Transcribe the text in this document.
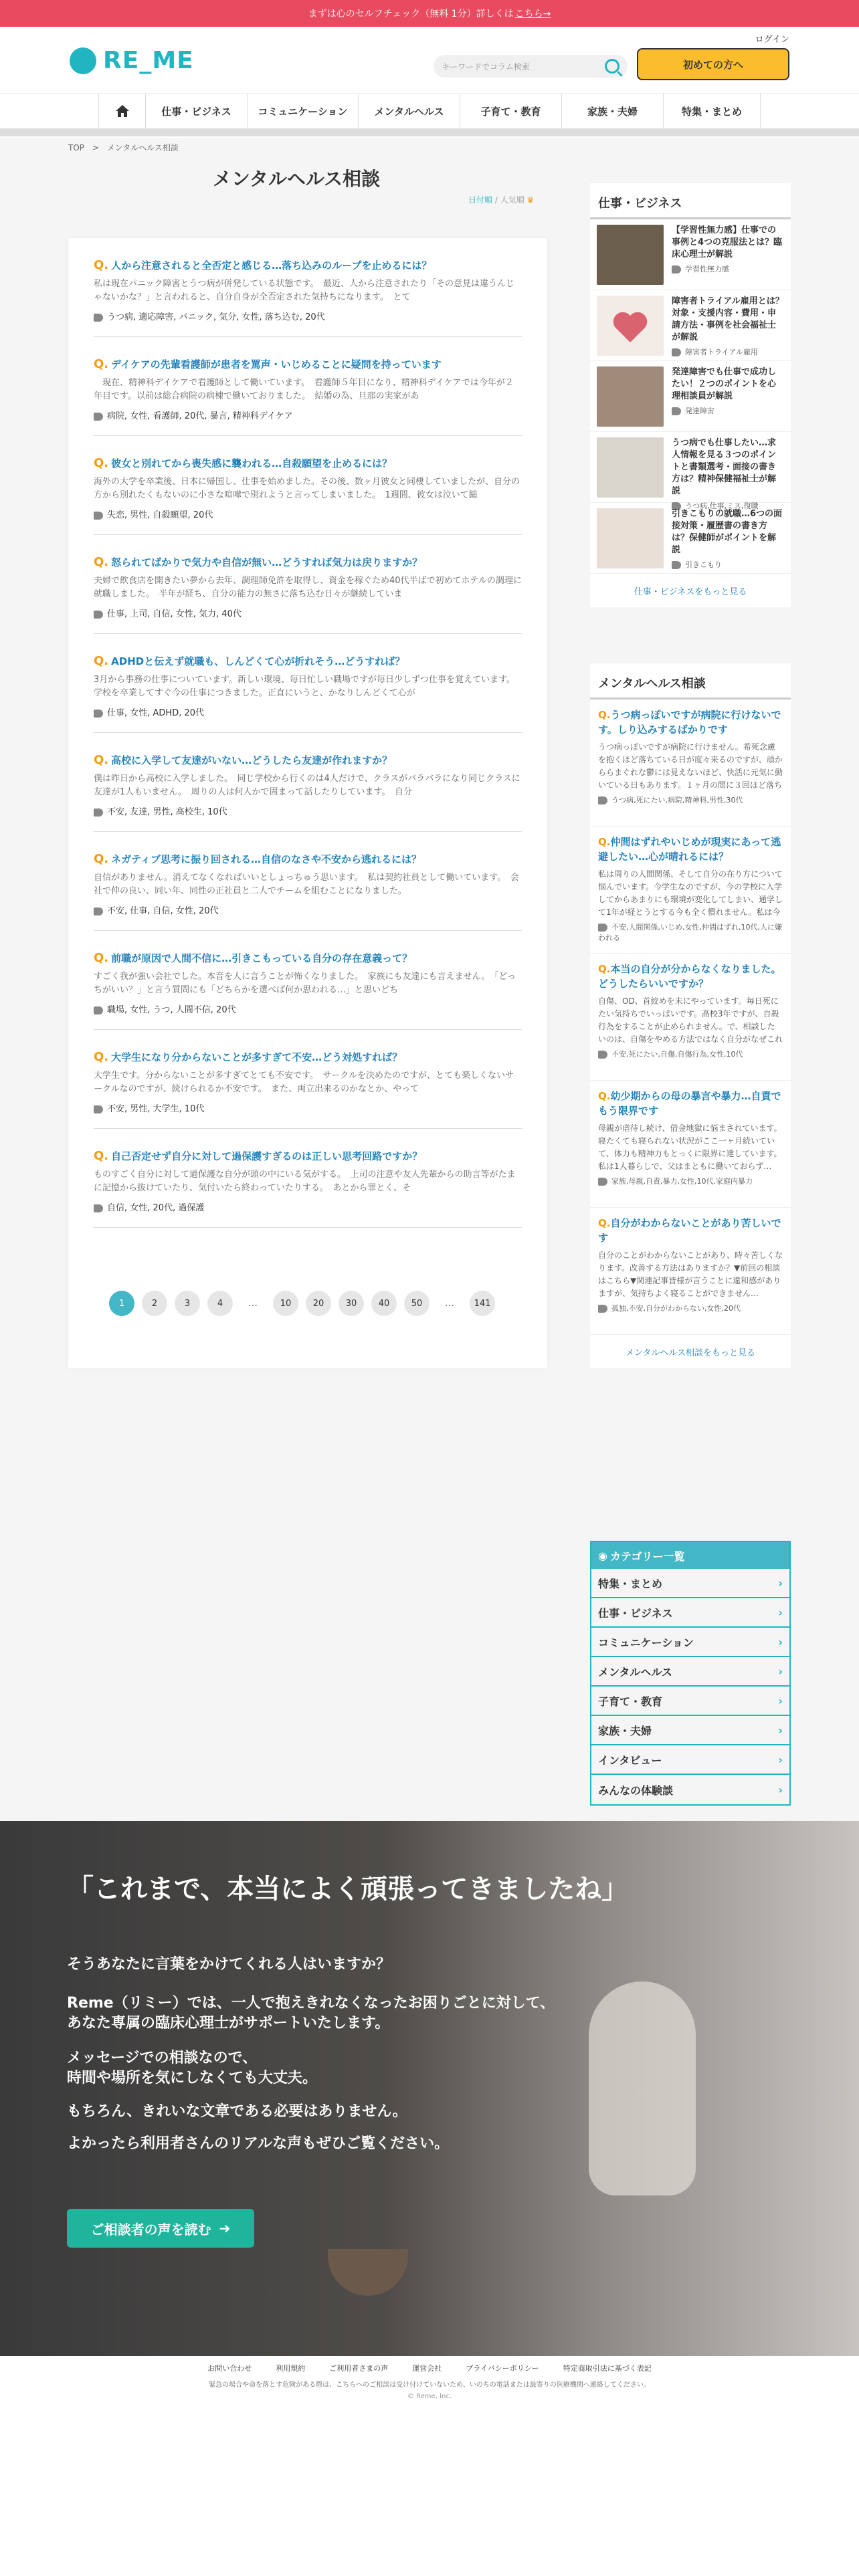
まずは心のセルフチェック（無料 1分）詳しくは こちら→
RE_ME
ログイン
キーワードでコラム検索	初めての方へ
仕事・ビジネス	コミュニケーション	メンタルヘルス	子育て・教育	家族・夫婦	特集・まとめ
TOP > メンタルヘルス相談
メンタルヘルス相談
日付順 / 人気順 ♛
Q. 人から注意されると全否定と感じる…落ち込みのループを止めるには？
私は現在パニック障害とうつ病が併発している状態です。　最近、人から注意されたり「その意見は違うんじゃないかな？」と言われると、自分自身が全否定された気持ちになります。　とて
うつ病, 適応障害, パニック, 気分, 女性, 落ち込む, 20代
Q. デイケアの先輩看護師が患者を罵声・いじめることに疑問を持っています
　現在、精神科デイケアで看護師として働いています。　看護師５年目になり、精神科デイケアでは今年が２年目です。以前は総合病院の病棟で働いておりました。　結婚の為、旦那の実家があ
病院, 女性, 看護師, 20代, 暴言, 精神科デイケア
Q. 彼女と別れてから喪失感に襲われる…自殺願望を止めるには？
海外の大学を卒業後、日本に帰国し、仕事を始めました。その後、数ヶ月彼女と同棲していましたが、自分の方から別れたくもないのに小さな喧嘩で別れようと言ってしまいました。　1週間、彼女は泣いて縋
失恋, 男性, 自殺願望, 20代
Q. 怒られてばかりで気力や自信が無い…どうすれば気力は戻りますか？
夫婦で飲食店を開きたい夢から去年、調理師免許を取得し、資金を稼ぐため40代半ばで初めてホテルの調理に就職しました。　半年が経ち、自分の能力の無さに落ち込む日々が継続していま
仕事, 上司, 自信, 女性, 気力, 40代
Q. ADHDと伝えず就職も、しんどくて心が折れそう…どうすれば？
3月から事務の仕事についています。新しい環境、毎日忙しい職場ですが毎日少しずつ仕事を覚えています。　学校を卒業してすぐ今の仕事につきました。正直にいうと、かなりしんどくて心が
仕事, 女性, ADHD, 20代
Q. 高校に入学して友達がいない…どうしたら友達が作れますか？
僕は昨日から高校に入学しました。　同じ学校から行くのは4人だけで、クラスがバラバラになり同じクラスに友達が1人もいません。　周りの人は何人かで固まって話したりしています。　自分
不安, 友達, 男性, 高校生, 10代
Q. ネガティブ思考に振り回される…自信のなさや不安から逃れるには？
自信がありません。消えてなくなればいいとしょっちゅう思います。　私は契約社員として働いています。　会社で仲の良い、同い年、同性の正社員と二人でチームを組むことになりました。
不安, 仕事, 自信, 女性, 20代
Q. 前職が原因で人間不信に…引きこもっている自分の存在意義って？
すごく我が強い会社でした。本音を人に言うことが怖くなりました。　家族にも友達にも言えません。　「どっちがいい？」と言う質問にも「どちらかを選べば何か思われる…」と思いどち
職場, 女性, うつ, 人間不信, 20代
Q. 大学生になり分からないことが多すぎて不安…どう対処すれば？
大学生です。分からないことが多すぎてとても不安です。　サークルを決めたのですが、とても楽しくないサークルなのですが、続けられるか不安です。　また、両立出来るのかなとか、やって
不安, 男性, 大学生, 10代
Q. 自己否定せず自分に対して過保護すぎるのは正しい思考回路ですか？
ものすごく自分に対して過保護な自分が頭の中にいる気がする。　上司の注意や友人先輩からの助言等がたまに記憶から抜けていたり、気付いたら終わっていたりする。　あとから罪とく、そ
自信, 女性, 20代, 過保護
1	2	3	4	…	10	20	30	40	50	…	141
仕事・ビジネス
【学習性無力感】仕事での事例と4つの克服法とは？臨床心理士が解説
学習性無力感
障害者トライアル雇用とは？対象・支援内容・費用・申請方法・事例を社会福祉士が解説
障害者トライアル雇用
発達障害でも仕事で成功したい！２つのポイントを心理相談員が解説
発達障害
うつ病でも仕事したい…求人情報を見る３つのポイントと書類選考・面接の書き方は？精神保健福祉士が解説
うつ病,仕事,ミス,復職
引きこもりの就職…6つの面接対策・履歴書の書き方は？保健師がポイントを解説
引きこもり
仕事・ビジネスをもっと見る
メンタルヘルス相談
Q.うつ病っぽいですが病院に行けないです。しり込みするばかりです
うつ病っぽいですが病院に行けません。希死念慮を抱くほど落ちている日が度々来るのですが、頑かららまぐれな鬱には見えないほど、快活に元気に動いている日もあります。１ヶ月の間に３回ほど落ち
うつ病,死にたい,病院,精神科,男性,30代
Q.仲間はずれやいじめが現実にあって逃避したい…心が晴れるには？
私は周りの人間関係、そして自分の在り方について悩んでいます。今学生なのですが、今の学校に入学してからあまりにも環境が変化してしまい、通学して1年が経とうとする今も全く慣れません。私は今
不安,人間関係,いじめ,女性,仲間はずれ,10代,人に嫌われる
Q.本当の自分が分からなくなりました。どうしたらいいですか？
自傷、OD、首絞めを未にやっています。毎日死にたい気持ちでいっぱいです。高校3年ですが、自殺行為をすることが止められません。で、相談したいのは、自傷をやめる方法ではなく自分がなぜこれ
不安,死にたい,自傷,自傷行為,女性,10代
Q.幼少期からの母の暴言や暴力…自責でもう限界です
母親が虐待し続け、借金地獄に悩まされています。寝たくても寝られない状況がここ一ヶ月続いていて、体力も精神力もとっくに限界に達しています。私は1人暮らしで、父はまともに働いておらず…
家族,母親,自責,暴力,女性,10代,家庭内暴力
Q.自分がわからないことがあり苦しいです
自分のことがわからないことがあり、時々苦しくなります。改善する方法はありますか？▼前回の相談はこちら▼関連記事皆様が言うことに違和感がありますが、気持ちよく寝ることができません…
孤独,不安,自分がわからない,女性,20代
メンタルヘルス相談をもっと見る
◉ カテゴリー一覧
特集・まとめ	›
仕事・ビジネス	›
コミュニケーション	›
メンタルヘルス	›
子育て・教育	›
家族・夫婦	›
インタビュー	›
みんなの体験談	›
「これまで、本当によく頑張ってきましたね」
そうあなたに言葉をかけてくれる人はいますか？
Reme（リミー）では、一人で抱えきれなくなったお困りごとに対して、
あなた専属の臨床心理士がサポートいたします。
メッセージでの相談なので、
時間や場所を気にしなくても大丈夫。
もちろん、きれいな文章である必要はありません。
よかったら利用者さんのリアルな声もぜひご覧ください。
ご相談者の声を読む ➔
お問い合わせ	利用規約	ご利用者さまの声	運営会社	プライバシーポリシー	特定商取引法に基づく表記
緊急の場合や命を落とす危険がある際は、こちらへのご相談は受け付けていないため、いのちの電話または最寄りの医療機関へ連絡してください。
© Reme, Inc.
